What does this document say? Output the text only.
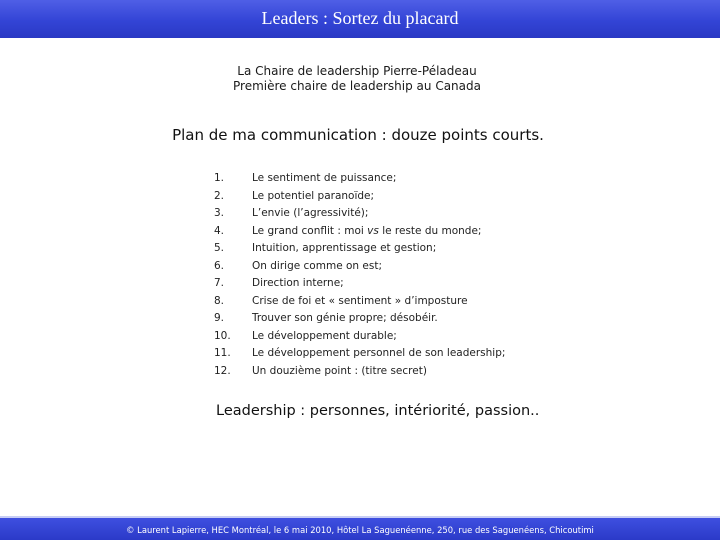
Leaders : Sortez du placard
La Chaire de leadership Pierre-Péladeau
Première chaire de leadership au Canada
Plan de ma communication : douze points courts.
1.	Le sentiment de puissance;
2.	Le potentiel paranoïde;
3.	L’envie (l’agressivité);
4.	Le grand conflit : moi vs le reste du monde;
5.	Intuition, apprentissage et gestion;
6.	On dirige comme on est;
7.	Direction interne;
8.	Crise de foi et « sentiment » d’imposture
9.	Trouver son génie propre; désobéir.
10. Le développement durable;
11. Le développement personnel de son leadership;
12. Un douzième point : (titre secret)
Leadership : personnes, intériorité, passion..
© Laurent Lapierre, HEC Montréal, le 6 mai 2010, Hôtel La Saguenéenne, 250, rue des Saguenéens, Chicoutimi
